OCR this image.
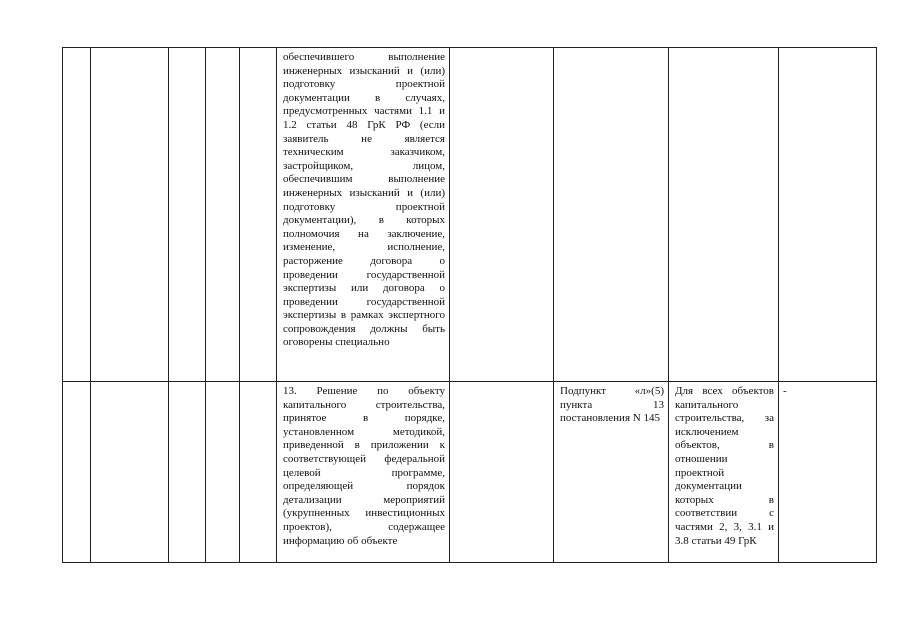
					обеспечившего выполнение инженерных изысканий и (или) подготовку проектной документации в случаях, предусмотренных частями 1.1 и 1.2 статьи 48 ГрК РФ (если заявитель не является техническим заказчиком, застройщиком, лицом, обеспечившим выполнение инженерных изысканий и (или) подготовку проектной документации), в которых полномочия на заключение, изменение, исполнение, расторжение договора о проведении государственной экспертизы или договора о проведении государственной экспертизы в рамках экспертного сопровождения должны быть оговорены специально				

					13. Решение по объекту капитального строительства, принятое в порядке, установленном методикой, приведенной в приложении к соответствующей федеральной целевой программе, определяющей порядок детализации мероприятий (укрупненных инвестиционных проектов), содержащее информацию об объекте		Подпункт «л»(5) пункта 13 постановления N 145	Для всех объектов капитального строительства, за исключением объектов, в отношении проектной документации которых в соответствии с частями 2, 3, 3.1 и 3.8 статьи 49 ГрК	-
